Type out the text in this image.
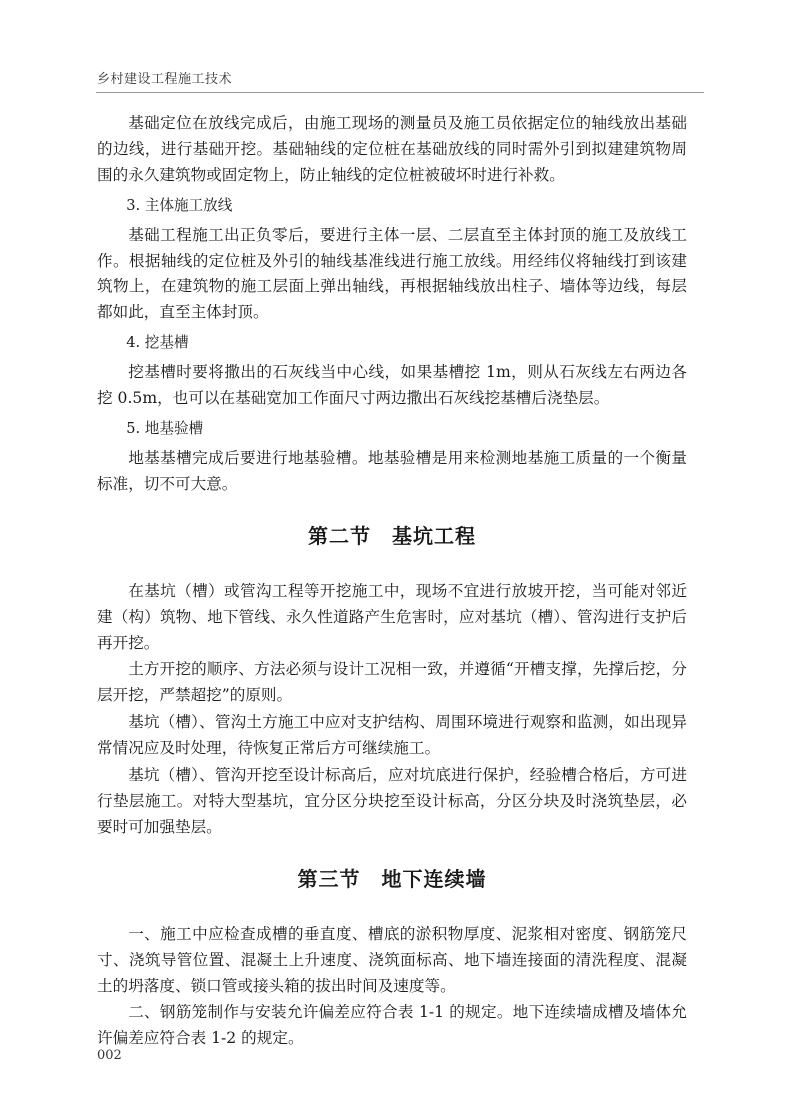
乡村建设工程施工技术

基础定位在放线完成后，由施工现场的测量员及施工员依据定位的轴线放出基础的边线，进行基础开挖。基础轴线的定位桩在基础放线的同时需外引到拟建建筑物周围的永久建筑物或固定物上，防止轴线的定位桩被破坏时进行补救。

3. 主体施工放线

基础工程施工出正负零后，要进行主体一层、二层直至主体封顶的施工及放线工作。根据轴线的定位桩及外引的轴线基准线进行施工放线。用经纬仪将轴线打到该建筑物上，在建筑物的施工层面上弹出轴线，再根据轴线放出柱子、墙体等边线，每层都如此，直至主体封顶。

4. 挖基槽

挖基槽时要将撒出的石灰线当中心线，如果基槽挖 1m，则从石灰线左右两边各挖 0.5m，也可以在基础宽加工作面尺寸两边撒出石灰线挖基槽后浇垫层。

5. 地基验槽

地基基槽完成后要进行地基验槽。地基验槽是用来检测地基施工质量的一个衡量标准，切不可大意。

第二节　基坑工程

在基坑（槽）或管沟工程等开挖施工中，现场不宜进行放坡开挖，当可能对邻近建（构）筑物、地下管线、永久性道路产生危害时，应对基坑（槽）、管沟进行支护后再开挖。

土方开挖的顺序、方法必须与设计工况相一致，并遵循“开槽支撑，先撑后挖，分层开挖，严禁超挖”的原则。

基坑（槽）、管沟土方施工中应对支护结构、周围环境进行观察和监测，如出现异常情况应及时处理，待恢复正常后方可继续施工。

基坑（槽）、管沟开挖至设计标高后，应对坑底进行保护，经验槽合格后，方可进行垫层施工。对特大型基坑，宜分区分块挖至设计标高，分区分块及时浇筑垫层，必要时可加强垫层。

第三节　地下连续墙

一、施工中应检查成槽的垂直度、槽底的淤积物厚度、泥浆相对密度、钢筋笼尺寸、浇筑导管位置、混凝土上升速度、浇筑面标高、地下墙连接面的清洗程度、混凝土的坍落度、锁口管或接头箱的拔出时间及速度等。

二、钢筋笼制作与安装允许偏差应符合表 1-1 的规定。地下连续墙成槽及墙体允许偏差应符合表 1-2 的规定。

002
